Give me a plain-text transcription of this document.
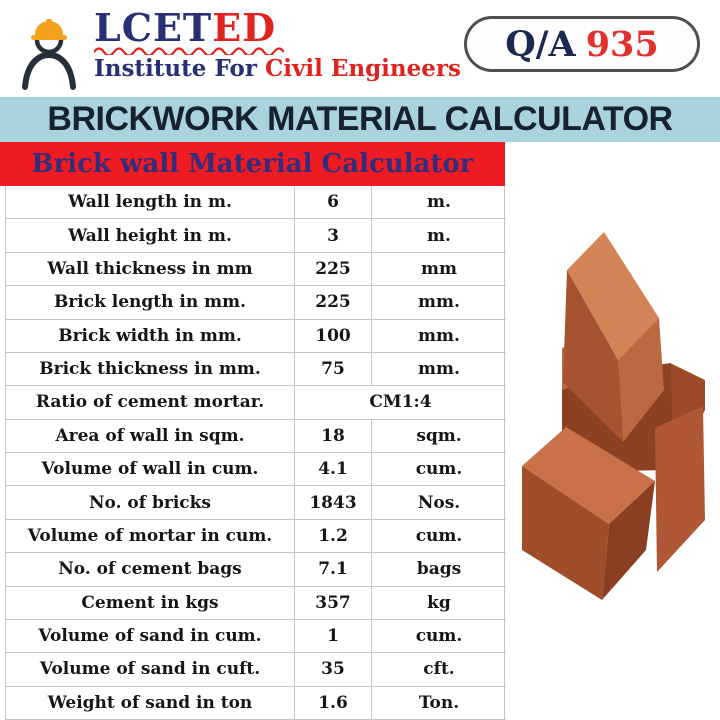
LCETED
Institute For Civil Engineers
Q/A 935
BRICKWORK MATERIAL CALCULATOR
Brick wall Material Calculator
Wall length in m.	6	m.
Wall height in m.	3	m.
Wall thickness in mm	225	mm
Brick length in mm.	225	mm.
Brick width in mm.	100	mm.
Brick thickness in mm.	75	mm.
Ratio of cement mortar.	CM1:4
Area of wall in sqm.	18	sqm.
Volume of wall in cum.	4.1	cum.
No. of bricks	1843	Nos.
Volume of mortar in cum.	1.2	cum.
No. of cement bags	7.1	bags
Cement in kgs	357	kg
Volume of sand in cum.	1	cum.
Volume of sand in cuft.	35	cft.
Weight of sand in ton	1.6	Ton.
